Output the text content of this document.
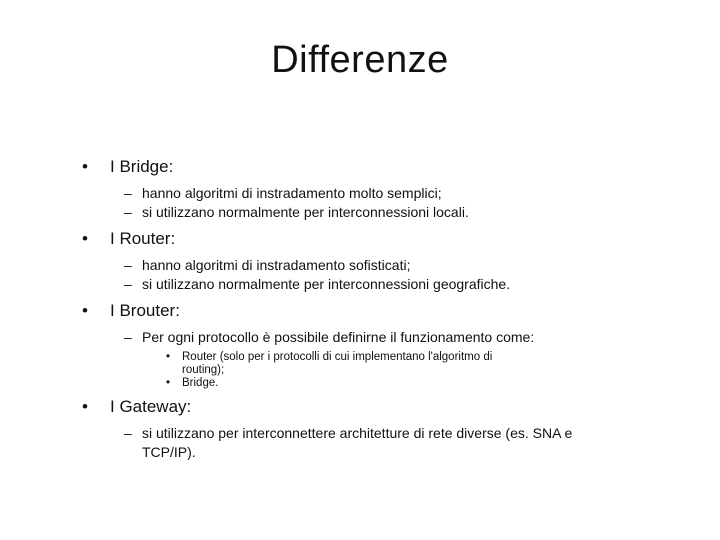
Differenze
•	I Bridge:
– hanno algoritmi di instradamento molto semplici;
– si utilizzano normalmente per interconnessioni locali.
•	I Router:
– hanno algoritmi di instradamento sofisticati;
– si utilizzano normalmente per interconnessioni geografiche.
•	I Brouter:
– Per ogni protocollo è possibile definirne il funzionamento come:
•	Router (solo per i protocolli di cui implementano l'algoritmo di routing);
•	Bridge.
•	I Gateway:
– si utilizzano per interconnettere architetture di rete diverse (es. SNA e TCP/IP).
